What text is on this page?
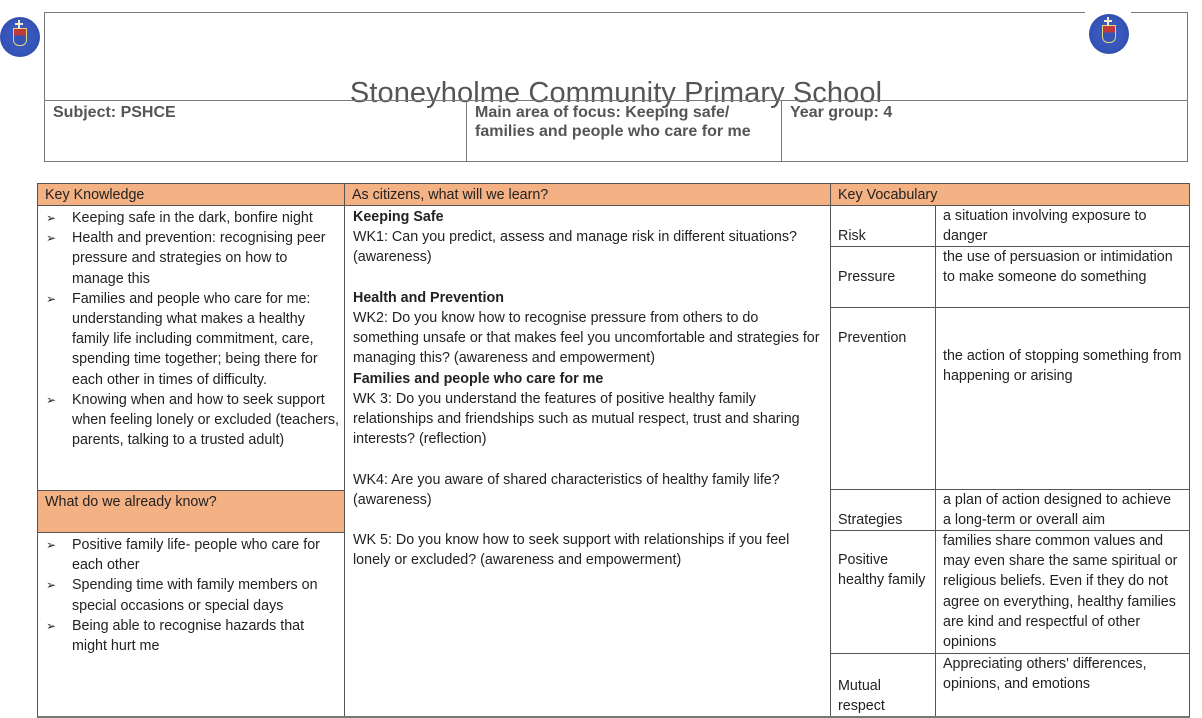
Stoneyholme Community Primary School
Subject: PSHCE	Main area of focus: Keeping safe/ families and people who care for me
Year group: 4
Key Knowledge
➢ Keeping safe in the dark, bonfire night
➢ Health and prevention: recognising peer pressure and strategies on how to manage this
➢ Families and people who care for me: understanding what makes a healthy family life including commitment, care, spending time together; being there for each other in times of difficulty.
➢ Knowing when and how to seek support when feeling lonely or excluded (teachers, parents, talking to a trusted adult)
What do we already know?
➢ Positive family life- people who care for each other
➢ Spending time with family members on special occasions or special days
➢ Being able to recognise hazards that might hurt me
As citizens, what will we learn?

Keeping Safe

WK1: Can you predict, assess and manage risk in different situations? (awareness)

Health and Prevention

WK2: Do you know how to recognise pressure from others to do something unsafe or that makes feel you uncomfortable and strategies for managing this? (awareness and empowerment)

Families and people who care for me

WK 3: Do you understand the features of positive healthy family relationships and friendships such as mutual respect, trust and sharing interests? (reflection)

WK4: Are you aware of shared characteristics of healthy family life? (awareness)

WK 5: Do you know how to seek support with relationships if you feel lonely or excluded? (awareness and empowerment)

Key Vocabulary
Risk
a situation involving exposure to danger
Pressure
the use of persuasion or intimidation to make someone do something
Prevention
the action of stopping something from happening or arising
Strategies
a plan of action designed to achieve a long-term or overall aim
Positive healthy family
families share common values and may even share the same spiritual or religious beliefs. Even if they do not agree on everything, healthy families are kind and respectful of other opinions
Mutual respect
Appreciating others' differences, opinions, and emotions
